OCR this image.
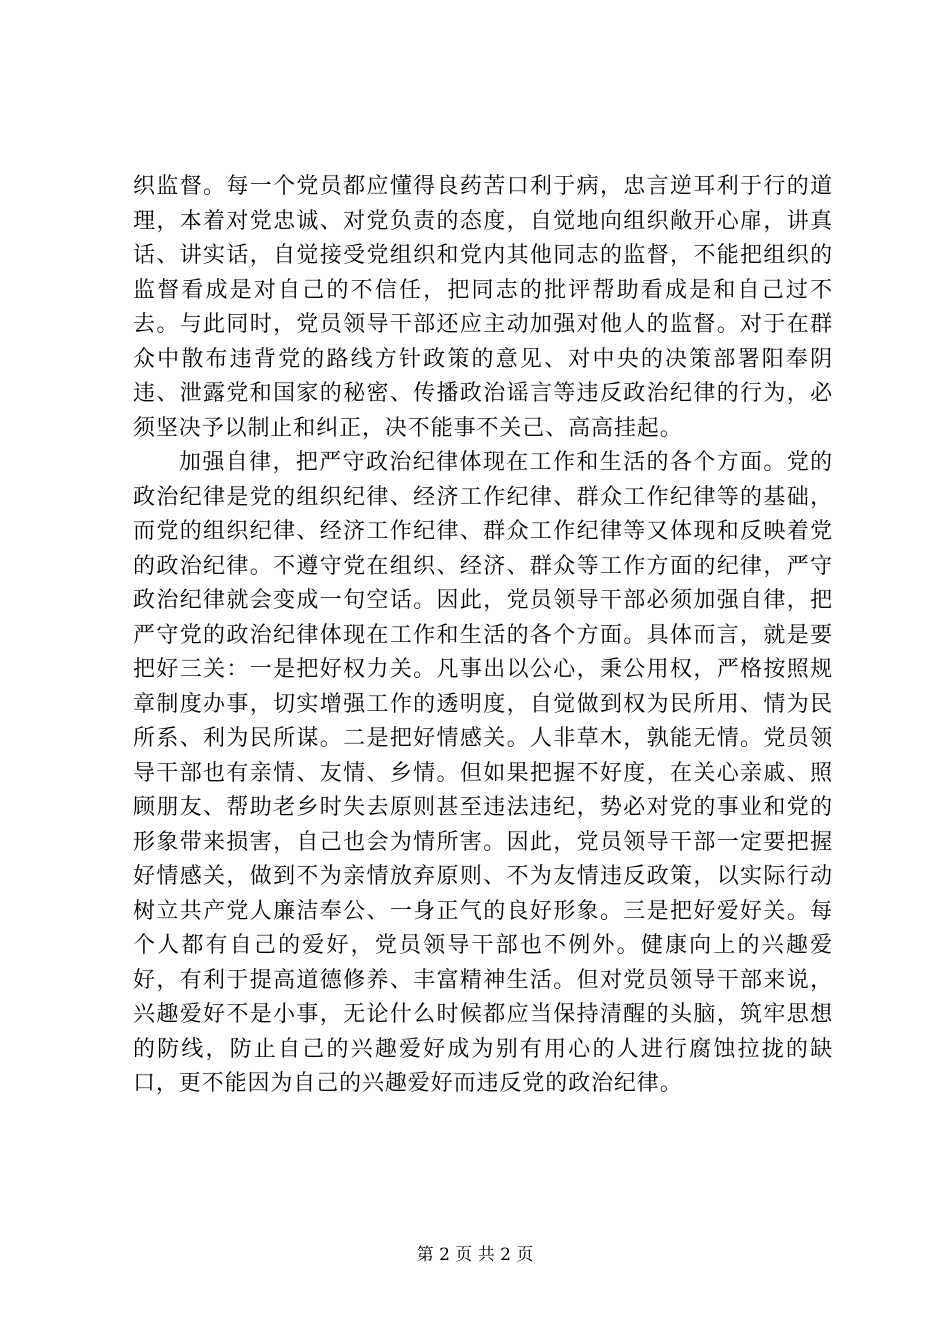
织监督。每一个党员都应懂得良药苦口利于病，忠言逆耳利于行的道理，本着对党忠诚、对党负责的态度，自觉地向组织敞开心扉，讲真话、讲实话，自觉接受党组织和党内其他同志的监督，不能把组织的监督看成是对自己的不信任，把同志的批评帮助看成是和自己过不去。与此同时，党员领导干部还应主动加强对他人的监督。对于在群众中散布违背党的路线方针政策的意见、对中央的决策部署阳奉阴违、泄露党和国家的秘密、传播政治谣言等违反政治纪律的行为，必须坚决予以制止和纠正，决不能事不关己、高高挂起。

加强自律，把严守政治纪律体现在工作和生活的各个方面。党的政治纪律是党的组织纪律、经济工作纪律、群众工作纪律等的基础，而党的组织纪律、经济工作纪律、群众工作纪律等又体现和反映着党的政治纪律。不遵守党在组织、经济、群众等工作方面的纪律，严守政治纪律就会变成一句空话。因此，党员领导干部必须加强自律，把严守党的政治纪律体现在工作和生活的各个方面。具体而言，就是要把好三关：一是把好权力关。凡事出以公心，秉公用权，严格按照规章制度办事，切实增强工作的透明度，自觉做到权为民所用、情为民所系、利为民所谋。二是把好情感关。人非草木，孰能无情。党员领导干部也有亲情、友情、乡情。但如果把握不好度，在关心亲戚、照顾朋友、帮助老乡时失去原则甚至违法违纪，势必对党的事业和党的形象带来损害，自己也会为情所害。因此，党员领导干部一定要把握好情感关，做到不为亲情放弃原则、不为友情违反政策，以实际行动树立共产党人廉洁奉公、一身正气的良好形象。三是把好爱好关。每个人都有自己的爱好，党员领导干部也不例外。健康向上的兴趣爱好，有利于提高道德修养、丰富精神生活。但对党员领导干部来说，兴趣爱好不是小事，无论什么时候都应当保持清醒的头脑，筑牢思想的防线，防止自己的兴趣爱好成为别有用心的人进行腐蚀拉拢的缺口，更不能因为自己的兴趣爱好而违反党的政治纪律。

第 2 页 共 2 页
